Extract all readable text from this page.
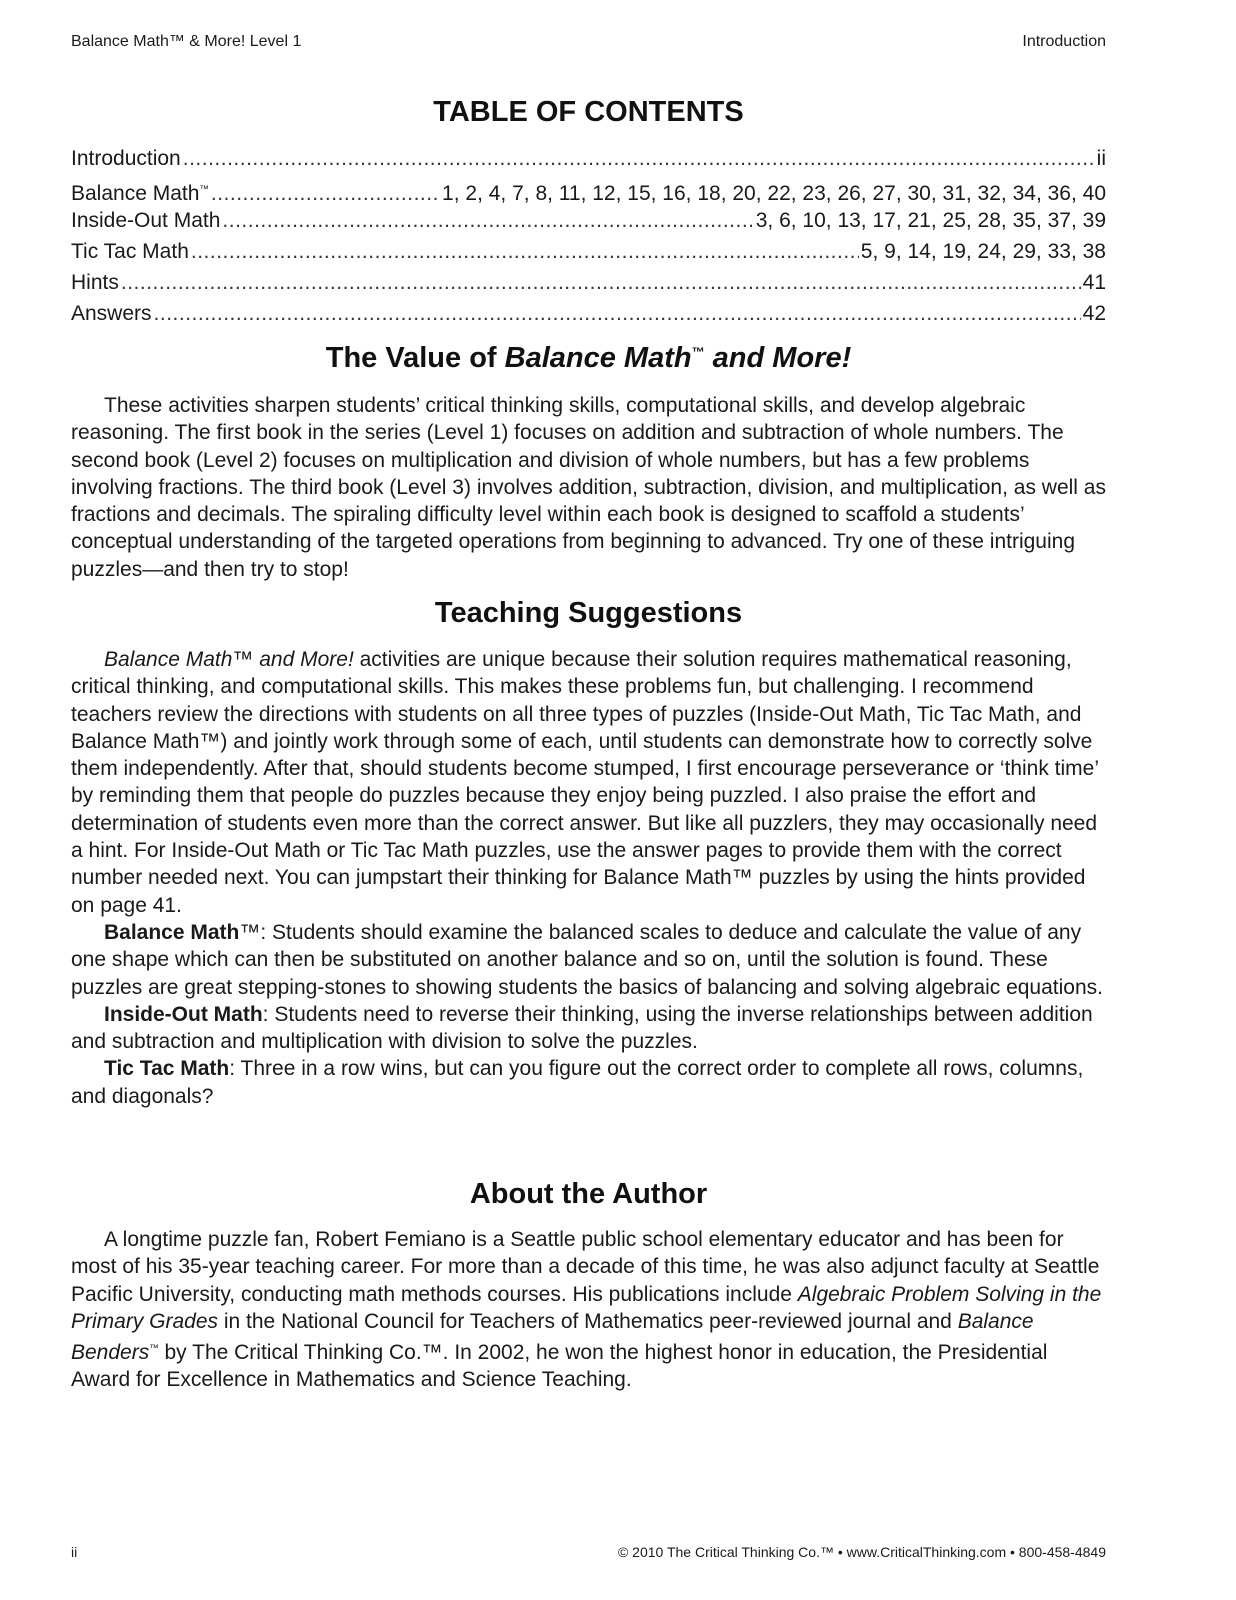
Balance Math™ & More! Level 1	Introduction
TABLE OF CONTENTS
Introduction .....	ii
Balance Math™ .....	1, 2, 4, 7, 8, 11, 12, 15, 16, 18, 20, 22, 23, 26, 27, 30, 31, 32, 34, 36, 40
Inside-Out Math .....	3, 6, 10, 13, 17, 21, 25, 28, 35, 37, 39
Tic Tac Math .....	5, 9, 14, 19, 24, 29, 33, 38
Hints .....	41
Answers .....	42
The Value of Balance Math™ and More!

These activities sharpen students’ critical thinking skills, computational skills, and develop algebraic reasoning. The first book in the series (Level 1) focuses on addition and subtraction of whole numbers. The second book (Level 2) focuses on multiplication and division of whole numbers, but has a few problems involving fractions. The third book (Level 3) involves addition, subtraction, division, and multiplication, as well as fractions and decimals. The spiraling difficulty level within each book is designed to scaffold a students’ conceptual understanding of the targeted operations from beginning to advanced. Try one of these intriguing puzzles—and then try to stop!

Teaching Suggestions

Balance Math™ and More! activities are unique because their solution requires mathematical reasoning, critical thinking, and computational skills. This makes these problems fun, but challenging. I recommend teachers review the directions with students on all three types of puzzles (Inside-Out Math, Tic Tac Math, and Balance Math™) and jointly work through some of each, until students can demonstrate how to correctly solve them independently. After that, should students become stumped, I first encourage perseverance or ‘think time’ by reminding them that people do puzzles because they enjoy being puzzled. I also praise the effort and determination of students even more than the correct answer. But like all puzzlers, they may occasionally need a hint. For Inside-Out Math or Tic Tac Math puzzles, use the answer pages to provide them with the correct number needed next. You can jumpstart their thinking for Balance Math™ puzzles by using the hints provided on page 41.

Balance Math™: Students should examine the balanced scales to deduce and calculate the value of any one shape which can then be substituted on another balance and so on, until the solution is found. These puzzles are great stepping-stones to showing students the basics of balancing and solving algebraic equations.

Inside-Out Math: Students need to reverse their thinking, using the inverse relationships between addition and subtraction and multiplication with division to solve the puzzles.

Tic Tac Math: Three in a row wins, but can you figure out the correct order to complete all rows, columns, and diagonals?

About the Author

A longtime puzzle fan, Robert Femiano is a Seattle public school elementary educator and has been for most of his 35-year teaching career. For more than a decade of this time, he was also adjunct faculty at Seattle Pacific University, conducting math methods courses. His publications include Algebraic Problem Solving in the Primary Grades in the National Council for Teachers of Mathematics peer-reviewed journal and Balance Benders™ by The Critical Thinking Co.™. In 2002, he won the highest honor in education, the Presidential Award for Excellence in Mathematics and Science Teaching.

ii	© 2010 The Critical Thinking Co.™ • www.CriticalThinking.com • 800-458-4849
